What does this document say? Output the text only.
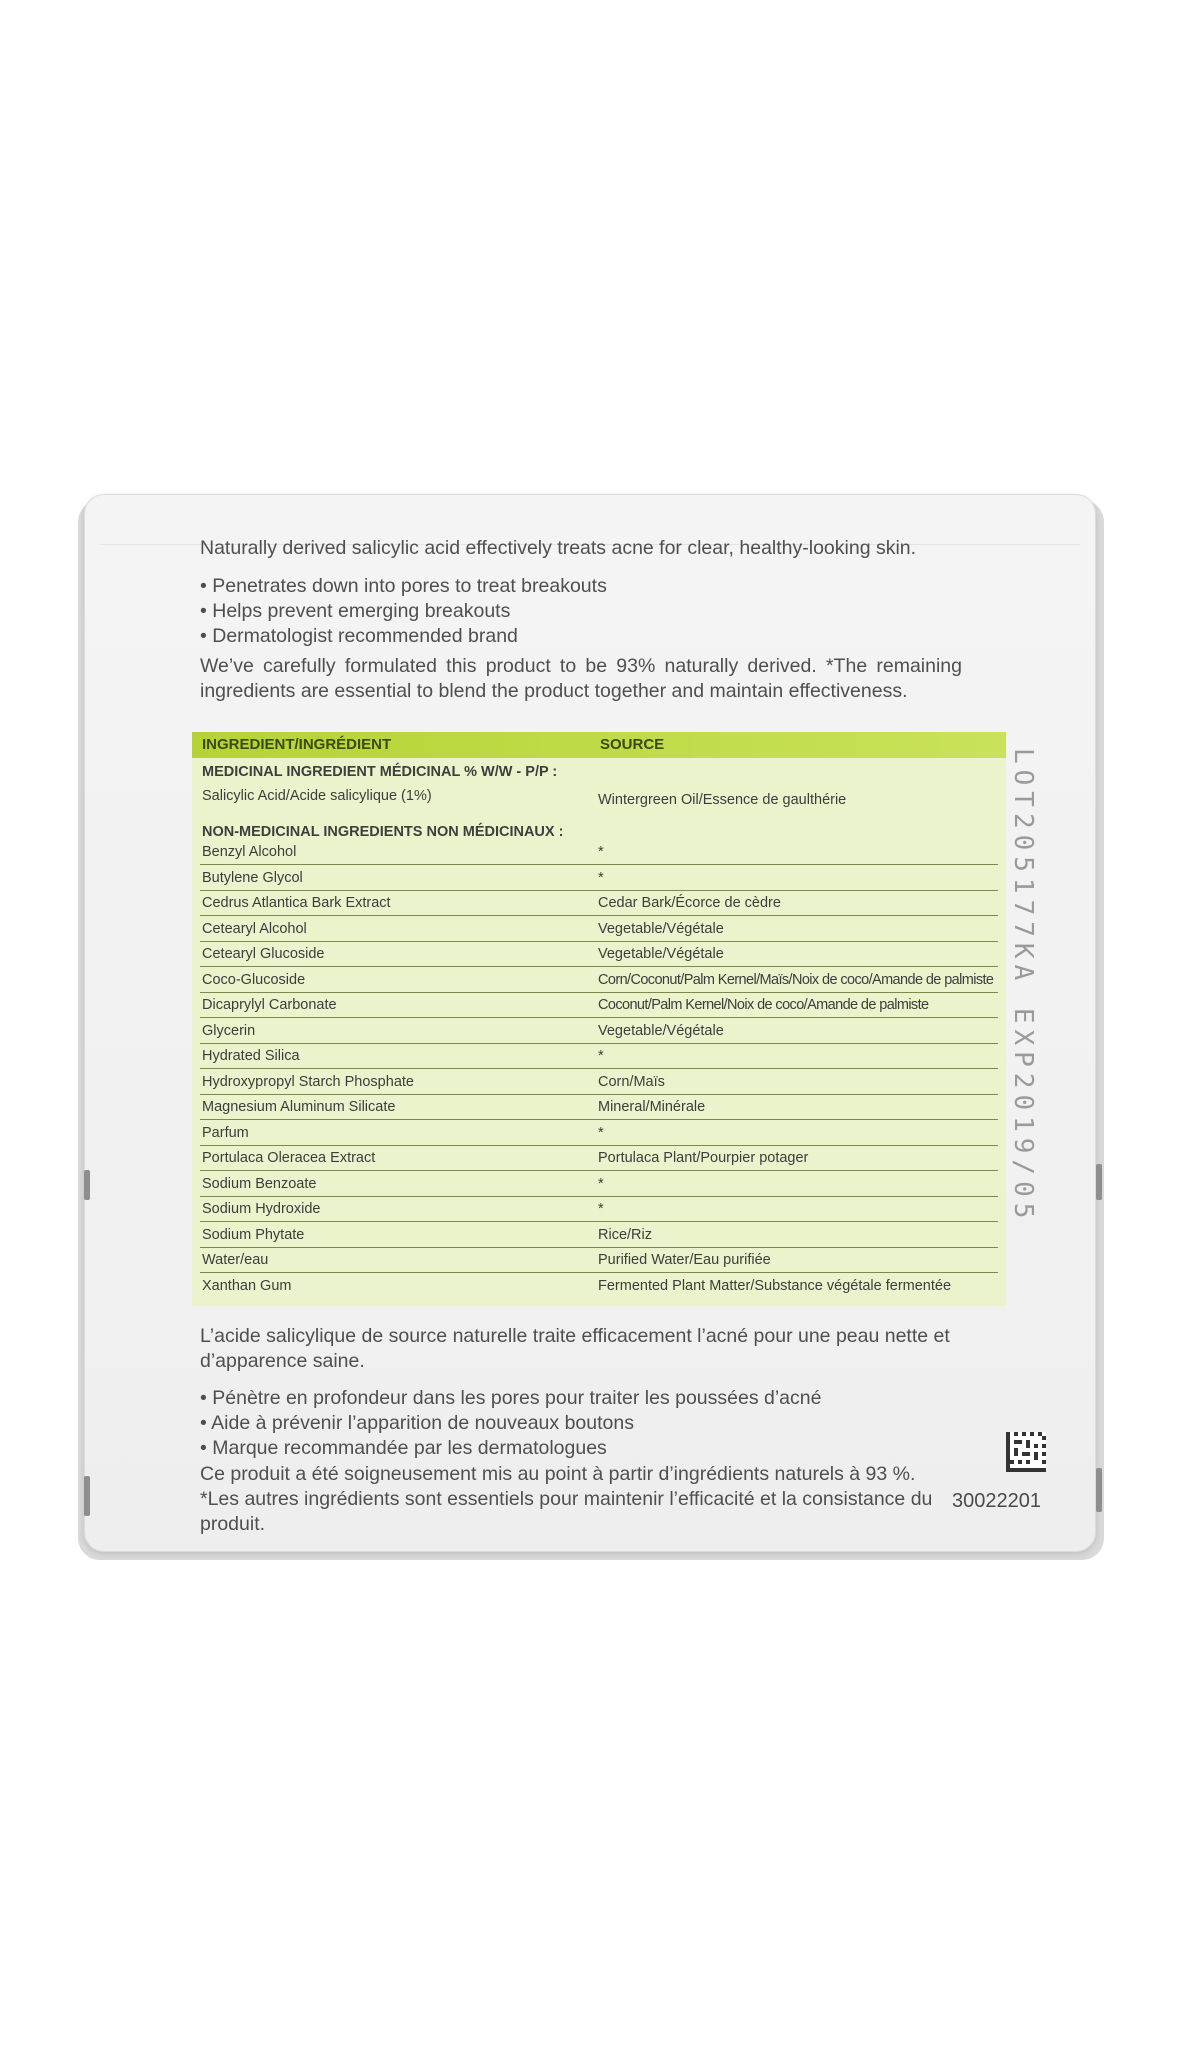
Naturally derived salicylic acid effectively treats acne for clear, healthy-looking skin.

• Penetrates down into pores to treat breakouts
• Helps prevent emerging breakouts
• Dermatologist recommended brand

We’ve carefully formulated this product to be 93% naturally derived. *The remaining ingredients are essential to blend the product together and maintain effectiveness.

INGREDIENT/INGRÉDIENT	SOURCE
MEDICINAL INGREDIENT MÉDICINAL % W/W - P/P :
Salicylic Acid/Acide salicylique (1%)	Wintergreen Oil/Essence de gaulthérie
NON-MEDICINAL INGREDIENTS NON MÉDICINAUX :
Benzyl Alcohol	*
Butylene Glycol	*
Cedrus Atlantica Bark Extract	Cedar Bark/Écorce de cèdre
Cetearyl Alcohol	Vegetable/Végétale
Cetearyl Glucoside	Vegetable/Végétale
Coco-Glucoside	Corn/Coconut/Palm Kernel/Maïs/Noix de coco/Amande de palmiste
Dicaprylyl Carbonate	Coconut/Palm Kernel/Noix de coco/Amande de palmiste
Glycerin	Vegetable/Végétale
Hydrated Silica	*
Hydroxypropyl Starch Phosphate	Corn/Maïs
Magnesium Aluminum Silicate	Mineral/Minérale
Parfum	*
Portulaca Oleracea Extract	Portulaca Plant/Pourpier potager
Sodium Benzoate	*
Sodium Hydroxide	*
Sodium Phytate	Rice/Riz
Water/eau	Purified Water/Eau purifiée
Xanthan Gum	Fermented Plant Matter/Substance végétale fermentée
LOT205177KA EXP2019/05

L’acide salicylique de source naturelle traite efficacement l’acné pour une peau nette et d’apparence saine.

• Pénètre en profondeur dans les pores pour traiter les poussées d’acné
• Aide à prévenir l’apparition de nouveaux boutons
• Marque recommandée par les dermatologues

Ce produit a été soigneusement mis au point à partir d’ingrédients naturels à 93 %. *Les autres ingrédients sont essentiels pour maintenir l’efficacité et la consistance du produit.

30022201
